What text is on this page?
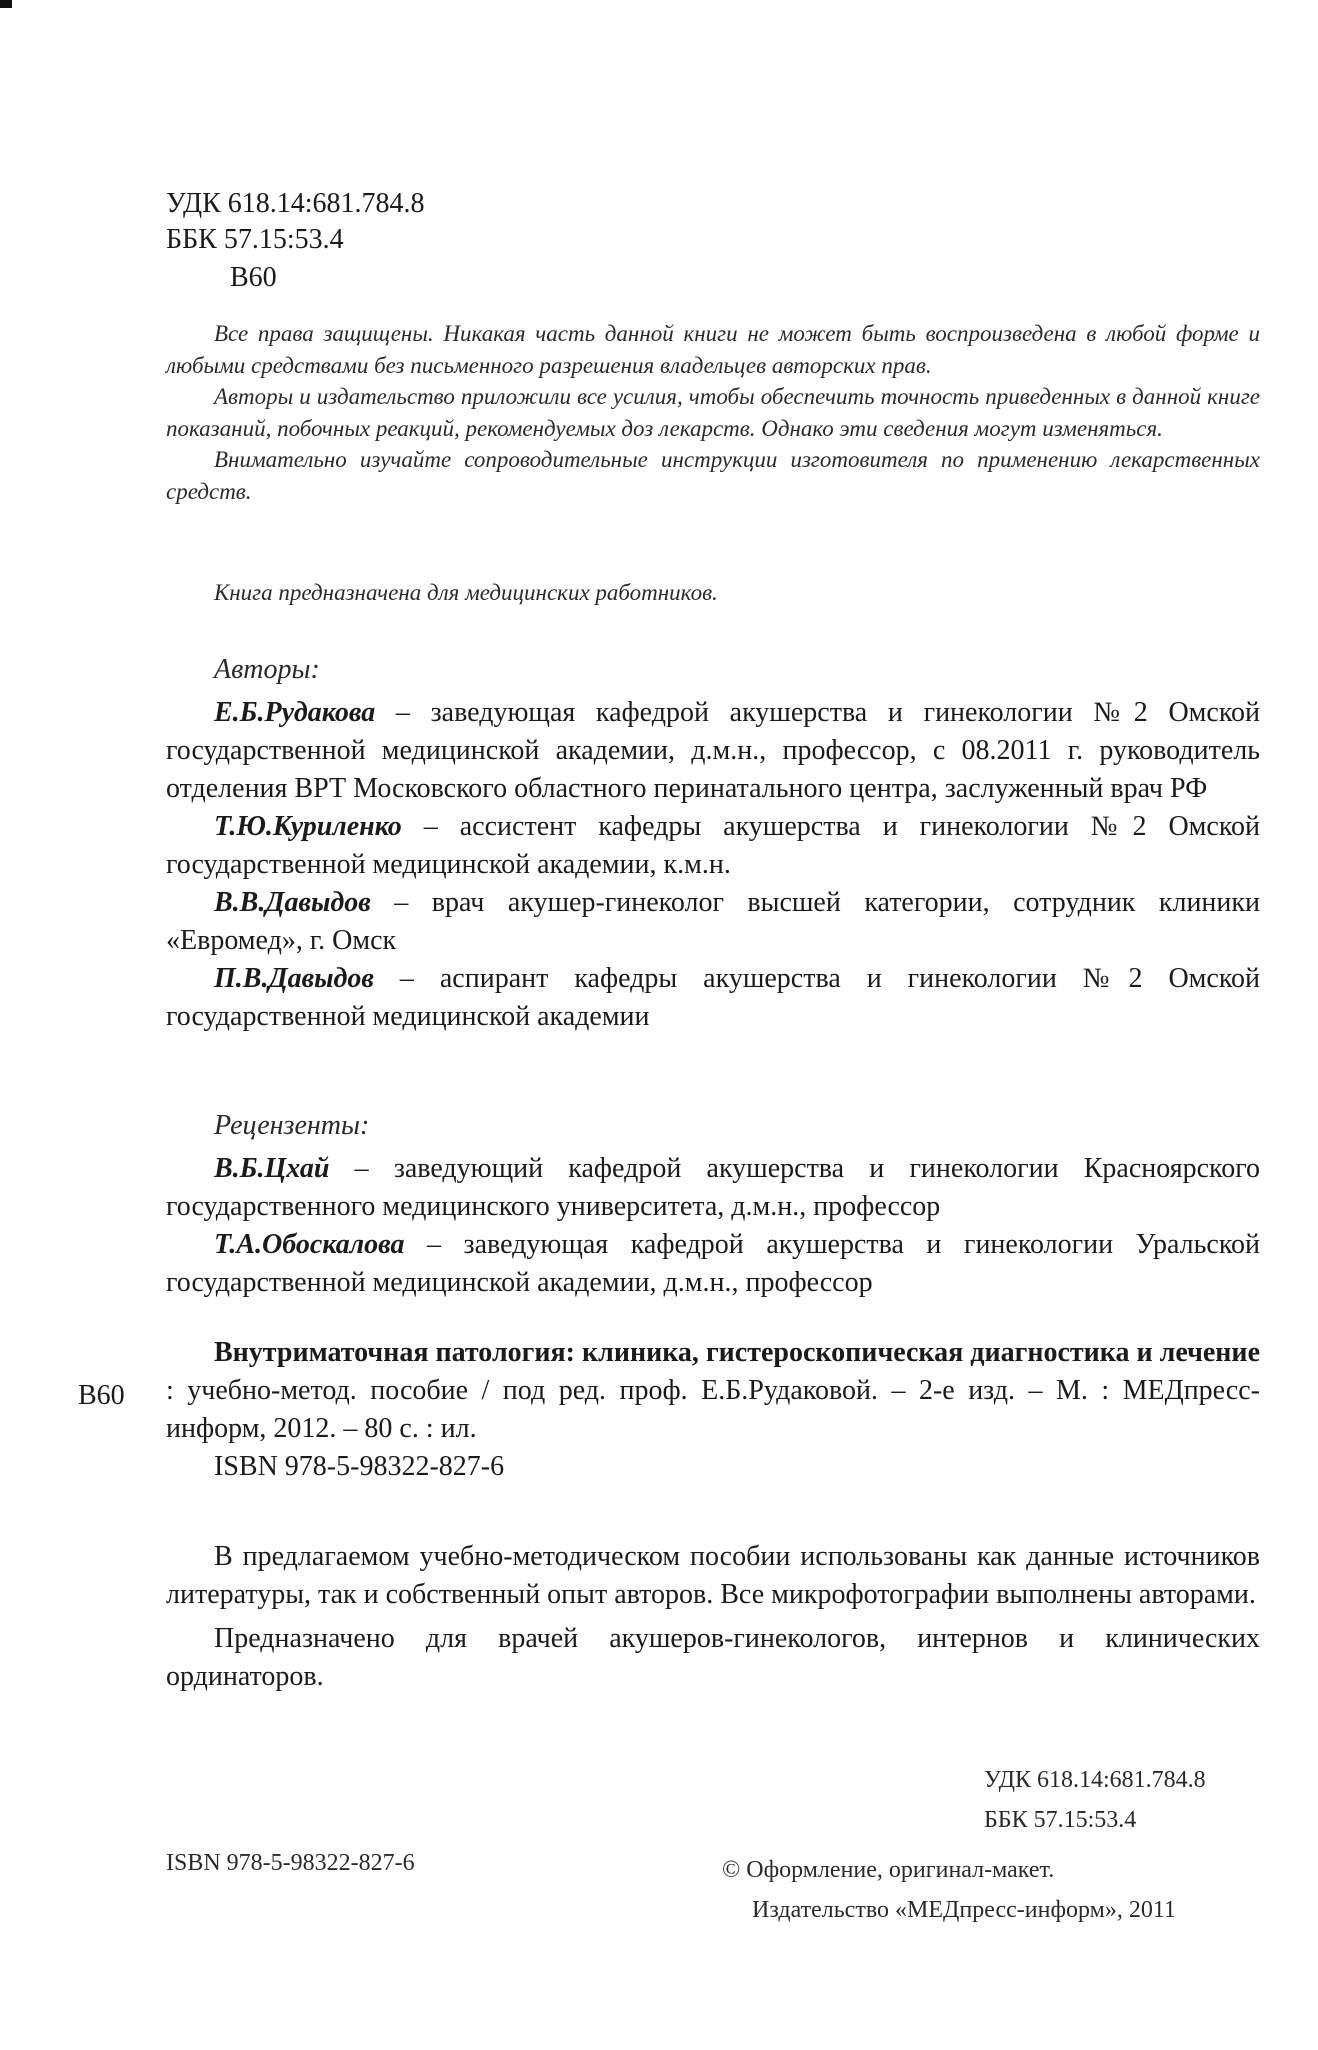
УДК 618.14:681.784.8
ББК 57.15:53.4
В60

Все права защищены. Никакая часть данной книги не может быть воспроизведена в любой форме и любыми средствами без письменного разрешения владельцев авторских прав.

Авторы и издательство приложили все усилия, чтобы обеспечить точность приведенных в данной книге показаний, побочных реакций, рекомендуемых доз лекарств. Однако эти сведения могут изменяться.

Внимательно изучайте сопроводительные инструкции изготовителя по применению лекарственных средств.

Книга предназначена для медицинских работников.
Авторы:

Е.Б.Рудакова – заведующая кафедрой акушерства и гинекологии №2 Омской государственной медицинской академии, д.м.н., профессор, с 08.2011 г. руководитель отделения ВРТ Московского областного перинатального центра, заслуженный врач РФ

Т.Ю.Куриленко – ассистент кафедры акушерства и гинекологии №2 Омской государственной медицинской академии, к.м.н.

В.В.Давыдов – врач акушер-гинеколог высшей категории, сотрудник клиники «Евромед», г. Омск

П.В.Давыдов – аспирант кафедры акушерства и гинекологии №2 Омской государственной медицинской академии

Рецензенты:

В.Б.Цхай – заведующий кафедрой акушерства и гинекологии Красноярского государственного медицинского университета, д.м.н., профессор

Т.А.Обоскалова – заведующая кафедрой акушерства и гинекологии Уральской государственной медицинской академии, д.м.н., профессор

В60

Внутриматочная патология: клиника, гистероскопическая диагностика и лечение : учебно-метод. пособие / под ред. проф. Е.Б.Рудаковой. – 2-е изд. – М. : МЕДпресс-информ, 2012. – 80 с. : ил.

ISBN 978-5-98322-827-6

В предлагаемом учебно-методическом пособии использованы как данные источников литературы, так и собственный опыт авторов. Все микрофотографии выполнены авторами.

Предназначено для врачей акушеров-гинекологов, интернов и клинических ординаторов.

УДК 618.14:681.784.8
ББК 57.15:53.4
ISBN 978-5-98322-827-6	© Оформление, оригинал-макет.
Издательство «МЕДпресс-информ», 2011
